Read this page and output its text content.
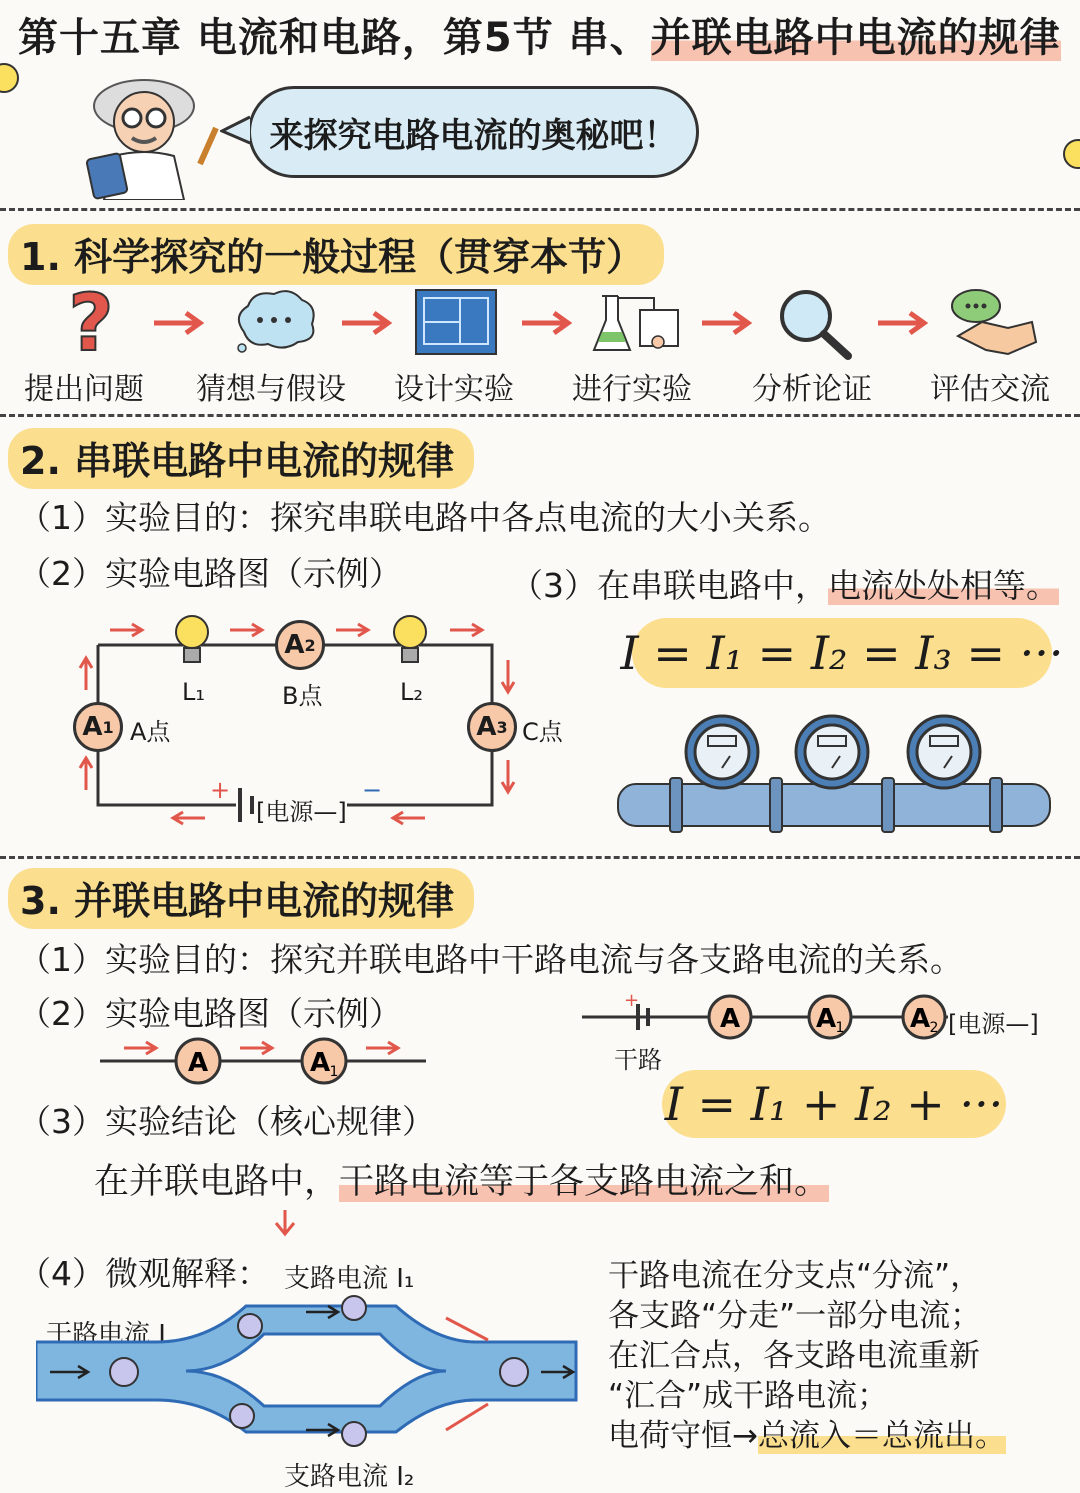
第十五章 电流和电路，第5节 串、并联电路中电流的规律
来探究电路电流的奥秘吧！
1. 科学探究的一般过程（贯穿本节）
?
提出问题 猜想与假设 设计实验 进行实验 分析论证 评估交流
2. 串联电路中电流的规律
（1）实验目的：探究串联电路中各点电流的大小关系。
（2）实验电路图（示例）	（3）在串联电路中，电流处处相等。
A 2
A 1	A 3
L₁	L₂
B点
A点	C点
+	−
[电源—]
I = I₁ = I₂ = I₃ = ···
3. 并联电路中电流的规律
（1）实验目的：探究并联电路中干路电流与各支路电流的关系。
（2）实验电路图（示例）
A	A 1
+
A	A 1	A 2 [电源—]
干路
I = I₁ + I₂ + ···
（3）实验结论（核心规律）
在并联电路中，干路电流等于各支路电流之和。
（4）微观解释： 支路电流 I₁
支路电流 I₂
干路电流 I
干路电流在分支点“分流”，
各支路“分走”一部分电流；
在汇合点，各支路电流重新
“汇合”成干路电流；
电荷守恒→总流入＝总流出。
